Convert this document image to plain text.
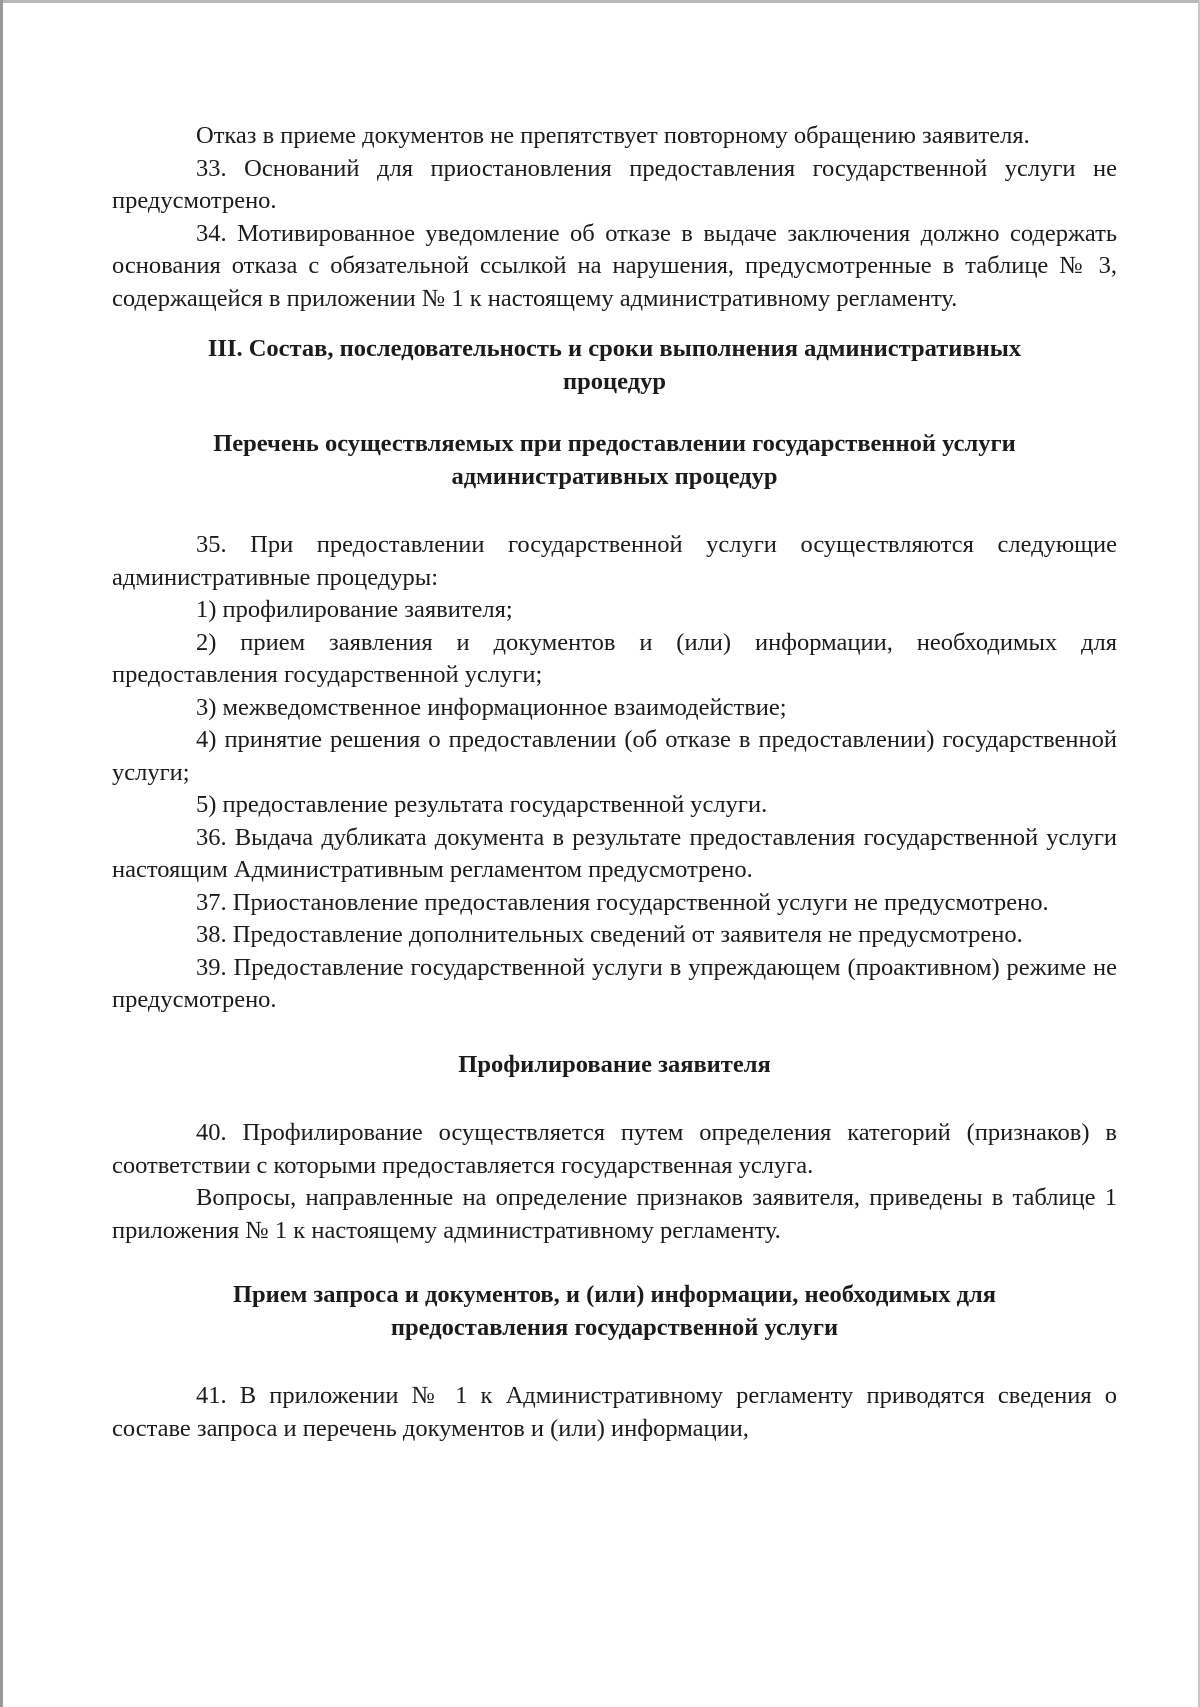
Отказ в приеме документов не препятствует повторному обращению заявителя.

33. Оснований для приостановления предоставления государственной услуги не предусмотрено.

34. Мотивированное уведомление об отказе в выдаче заключения должно содержать основания отказа с обязательной ссылкой на нарушения, предусмотренные в таблице № 3, содержащейся в приложении № 1 к настоящему административному регламенту.

III. Состав, последовательность и сроки выполнения административных
процедур
Перечень осуществляемых при предоставлении государственной услуги
административных процедур

35. При предоставлении государственной услуги осуществляются следующие административные процедуры:

1) профилирование заявителя;

2) прием заявления и документов и (или) информации, необходимых для предоставления государственной услуги;

3) межведомственное информационное взаимодействие;

4) принятие решения о предоставлении (об отказе в предоставлении) государственной услуги;

5) предоставление результата государственной услуги.

36. Выдача дубликата документа в результате предоставления государственной услуги настоящим Административным регламентом предусмотрено.

37. Приостановление предоставления государственной услуги не предусмотрено.

38. Предоставление дополнительных сведений от заявителя не предусмотрено.

39. Предоставление государственной услуги в упреждающем (проактивном) режиме не предусмотрено.

Профилирование заявителя

40. Профилирование осуществляется путем определения категорий (признаков) в соответствии с которыми предоставляется государственная услуга.

Вопросы, направленные на определение признаков заявителя, приведены в таблице 1 приложения № 1 к настоящему административному регламенту.

Прием запроса и документов, и (или) информации, необходимых для
предоставления государственной услуги

41. В приложении № 1 к Административному регламенту приводятся сведения о составе запроса и перечень документов и (или) информации,
